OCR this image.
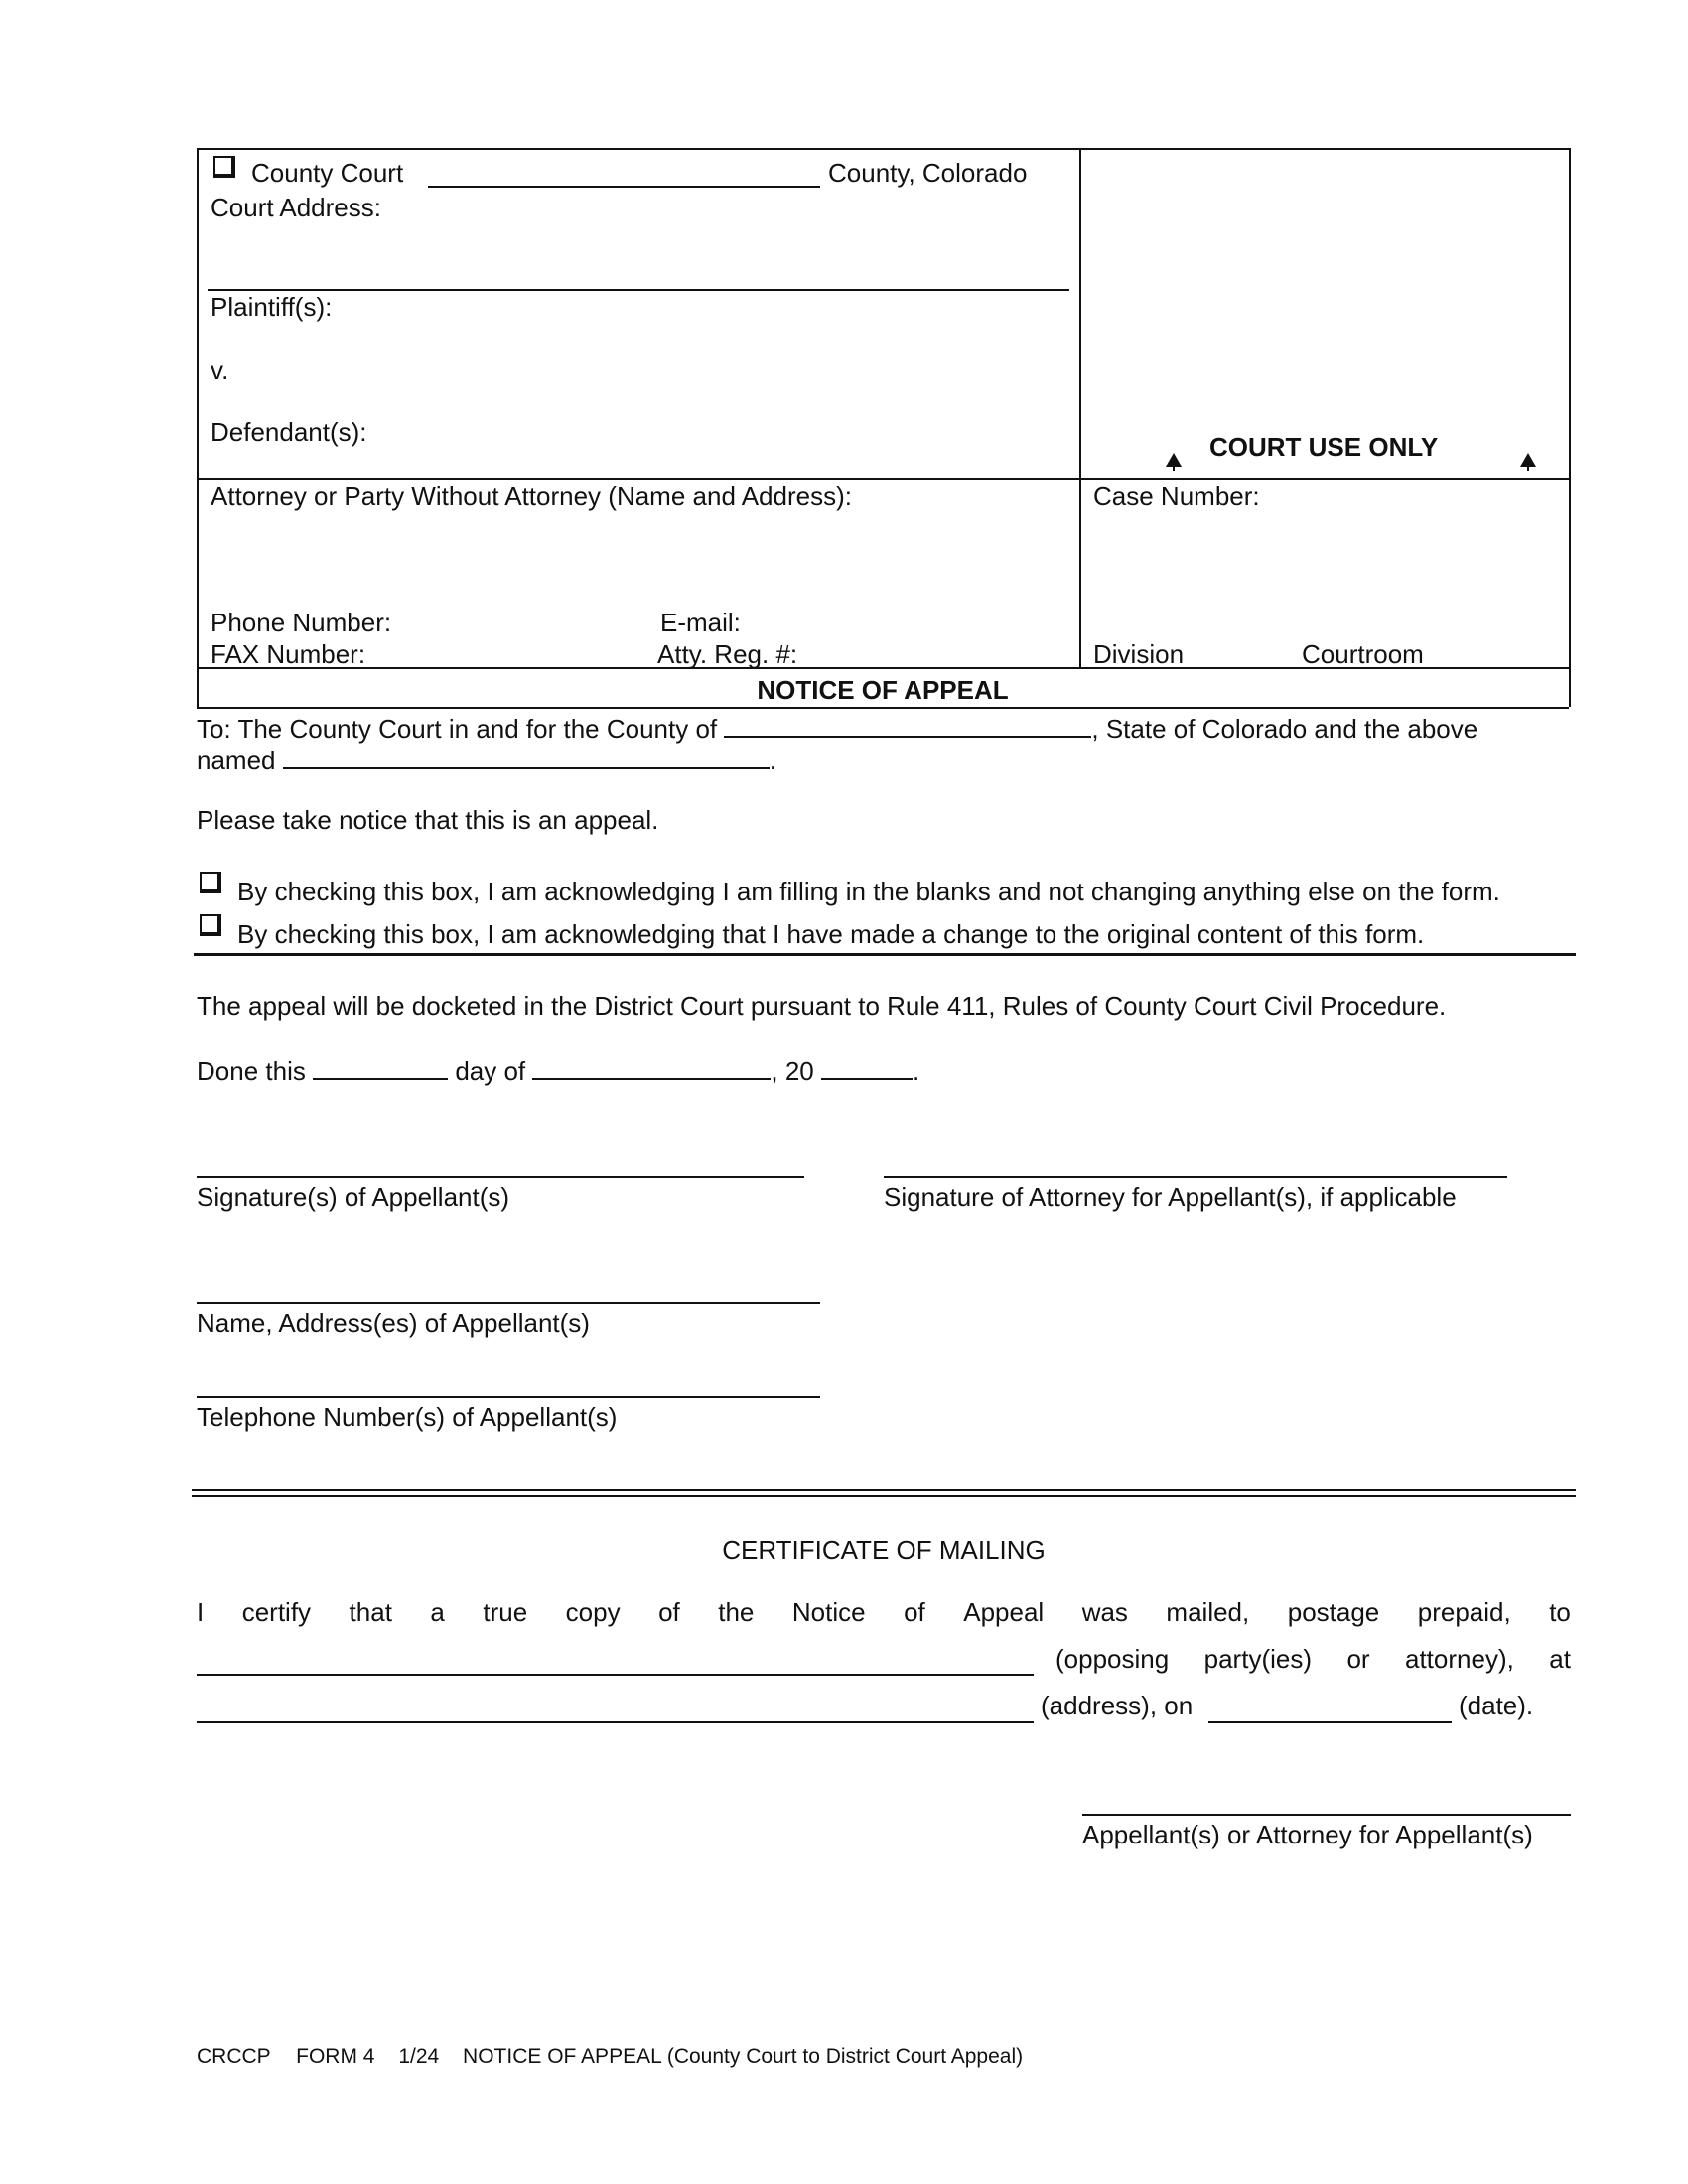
County Court	County, Colorado
Court Address:
Plaintiff(s):
v.
Defendant(s):	COURT USE ONLY
Attorney or Party Without Attorney (Name and Address):
Phone Number:	E-mail:
FAX Number:	Atty. Reg. #:
Case Number:
Division	Courtroom
NOTICE OF APPEAL
To: The County Court in and for the County of	, State of Colorado and the above
named	.
Please take notice that this is an appeal.
By checking this box, I am acknowledging I am filling in the blanks and not changing anything else on the form.
By checking this box, I am acknowledging that I have made a change to the original content of this form.
The appeal will be docketed in the District Court pursuant to Rule 411, Rules of County Court Civil Procedure.
Done this	day of	, 20	.
Signature(s) of Appellant(s)	Signature of Attorney for Appellant(s), if applicable
Name, Address(es) of Appellant(s)
Telephone Number(s) of Appellant(s)
CERTIFICATE OF MAILING
I certify that a true copy of the Notice of Appeal was mailed, postage prepaid, to
(opposing party(ies) or attorney), at
(address), on	(date).
Appellant(s) or Attorney for Appellant(s)
CRCCP FORM 4 1/24 NOTICE OF APPEAL (County Court to District Court Appeal)
